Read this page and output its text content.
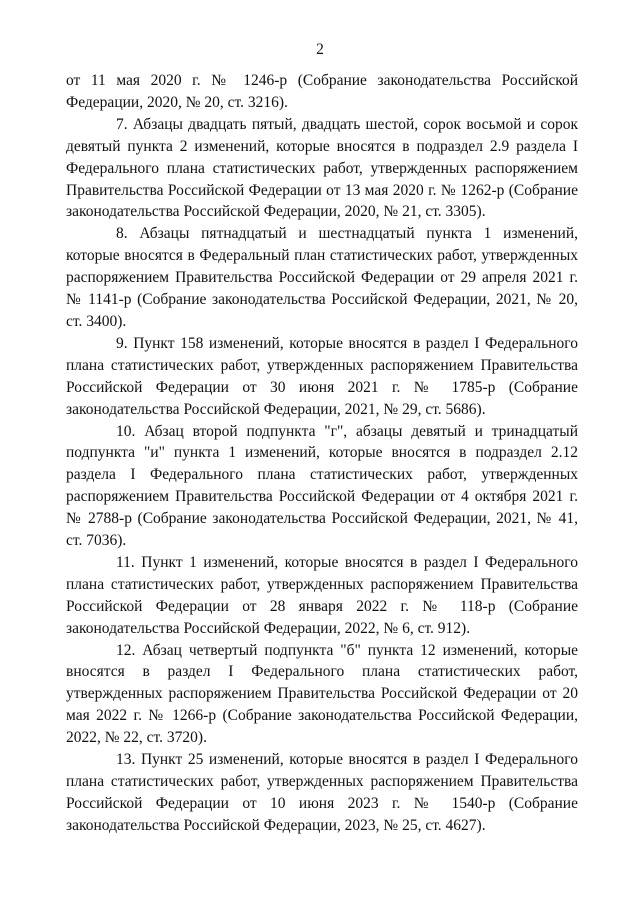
2

от 11 мая 2020 г. № 1246-р (Собрание законодательства Российской Федерации, 2020, № 20, ст. 3216).

7. Абзацы двадцать пятый, двадцать шестой, сорок восьмой и сорок девятый пункта 2 изменений, которые вносятся в подраздел 2.9 раздела I Федерального плана статистических работ, утвержденных распоряжением Правительства Российской Федерации от 13 мая 2020 г. № 1262-р (Собрание законодательства Российской Федерации, 2020, № 21, ст. 3305).

8. Абзацы пятнадцатый и шестнадцатый пункта 1 изменений, которые вносятся в Федеральный план статистических работ, утвержденных распоряжением Правительства Российской Федерации от 29 апреля 2021 г. № 1141-р (Собрание законодательства Российской Федерации, 2021, № 20, ст. 3400).

9. Пункт 158 изменений, которые вносятся в раздел I Федерального плана статистических работ, утвержденных распоряжением Правительства Российской Федерации от 30 июня 2021 г. № 1785-р (Собрание законодательства Российской Федерации, 2021, № 29, ст. 5686).

10. Абзац второй подпункта "г", абзацы девятый и тринадцатый подпункта "и" пункта 1 изменений, которые вносятся в подраздел 2.12 раздела I Федерального плана статистических работ, утвержденных распоряжением Правительства Российской Федерации от 4 октября 2021 г. № 2788-р (Собрание законодательства Российской Федерации, 2021, № 41, ст. 7036).

11. Пункт 1 изменений, которые вносятся в раздел I Федерального плана статистических работ, утвержденных распоряжением Правительства Российской Федерации от 28 января 2022 г. № 118-р (Собрание законодательства Российской Федерации, 2022, № 6, ст. 912).

12. Абзац четвертый подпункта "б" пункта 12 изменений, которые вносятся в раздел I Федерального плана статистических работ, утвержденных распоряжением Правительства Российской Федерации от 20 мая 2022 г. № 1266-р (Собрание законодательства Российской Федерации, 2022, № 22, ст. 3720).

13. Пункт 25 изменений, которые вносятся в раздел I Федерального плана статистических работ, утвержденных распоряжением Правительства Российской Федерации от 10 июня 2023 г. № 1540-р (Собрание законодательства Российской Федерации, 2023, № 25, ст. 4627).
